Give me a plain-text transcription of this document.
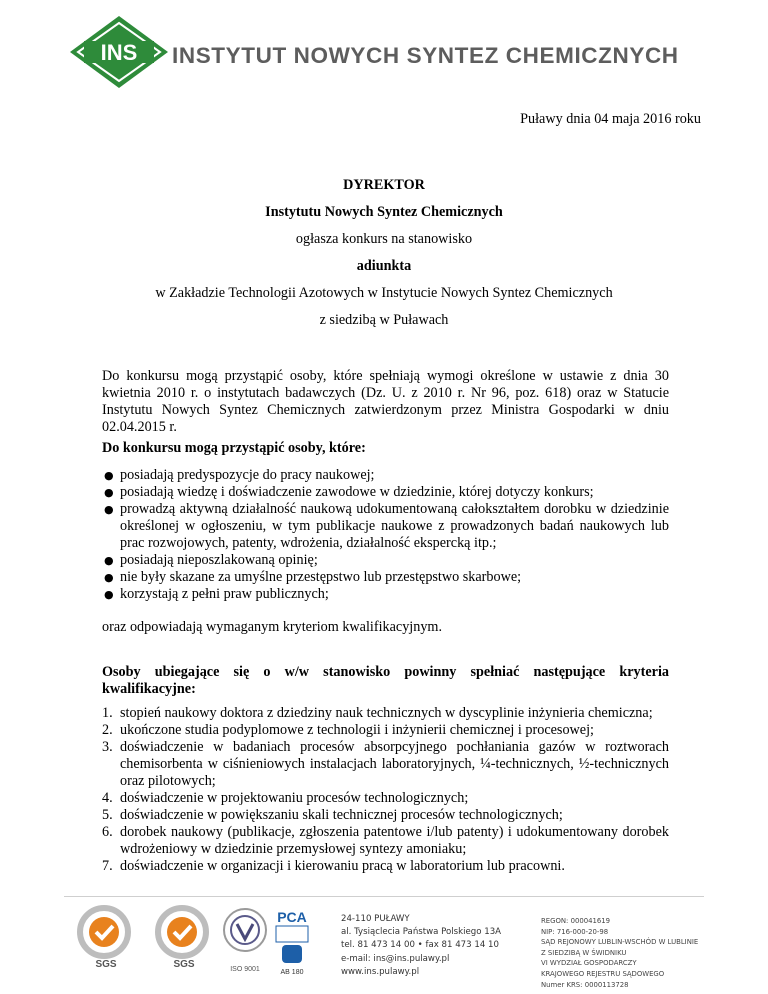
INS INSTYTUT NOWYCH SYNTEZ CHEMICZNYCH
Puławy dnia 04 maja 2016 roku
DYREKTOR
Instytutu Nowych Syntez Chemicznych
ogłasza konkurs na stanowisko
adiunkta
w Zakładzie Technologii Azotowych w Instytucie Nowych Syntez Chemicznych
z siedzibą w Puławach
Do konkursu mogą przystąpić osoby, które spełniają wymogi określone w ustawie z dnia 30 kwietnia 2010 r. o instytutach badawczych (Dz. U. z 2010 r. Nr 96, poz. 618) oraz w Statucie Instytutu Nowych Syntez Chemicznych zatwierdzonym przez Ministra Gospodarki w dniu 02.04.2015 r.
Do konkursu mogą przystąpić osoby, które:
● posiadają predyspozycje do pracy naukowej;
● posiadają wiedzę i doświadczenie zawodowe w dziedzinie, której dotyczy konkurs;
● prowadzą aktywną działalność naukową udokumentowaną całokształtem dorobku w dziedzinie określonej w ogłoszeniu, w tym publikacje naukowe z prowadzonych badań naukowych lub prac rozwojowych, patenty, wdrożenia, działalność ekspercką itp.;
● posiadają nieposzlakowaną opinię;
● nie były skazane za umyślne przestępstwo lub przestępstwo skarbowe;
● korzystają z pełni praw publicznych;
oraz odpowiadają wymaganym kryteriom kwalifikacyjnym.
Osoby ubiegające się o w/w stanowisko powinny spełniać następujące kryteria
kwalifikacyjne:
1. stopień naukowy doktora z dziedziny nauk technicznych w dyscyplinie inżynieria chemiczna;
2. ukończone studia podyplomowe z technologii i inżynierii chemicznej i procesowej;
3. doświadczenie w badaniach procesów absorpcyjnego pochłaniania gazów w roztworach chemisorbenta w ciśnieniowych instalacjach laboratoryjnych, ¼-technicznych, ½-technicznych oraz pilotowych;
4. doświadczenie w projektowaniu procesów technologicznych;
5. doświadczenie w powiększaniu skali technicznej procesów technologicznych;
6. dorobek naukowy (publikacje, zgłoszenia patentowe i/lub patenty) i udokumentowany dorobek wdrożeniowy w dziedzinie przemysłowej syntezy amoniaku;
7. doświadczenie w organizacji i kierowaniu pracą w laboratorium lub pracowni.
SGS	SGS	ISO 9001
PCA
AB 180
24-110 PUŁAWY
al. Tysiąclecia Państwa Polskiego 13A
tel. 81 473 14 00 • fax 81 473 14 10
e-mail: ins@ins.pulawy.pl
www.ins.pulawy.pl
REGON: 000041619
NIP: 716-000-20-98
SĄD REJONOWY LUBLIN-WSCHÓD W LUBLINIE
Z SIEDZIBĄ W ŚWIDNIKU
VI WYDZIAŁ GOSPODARCZY
KRAJOWEGO REJESTRU SĄDOWEGO
Numer KRS: 0000113728
